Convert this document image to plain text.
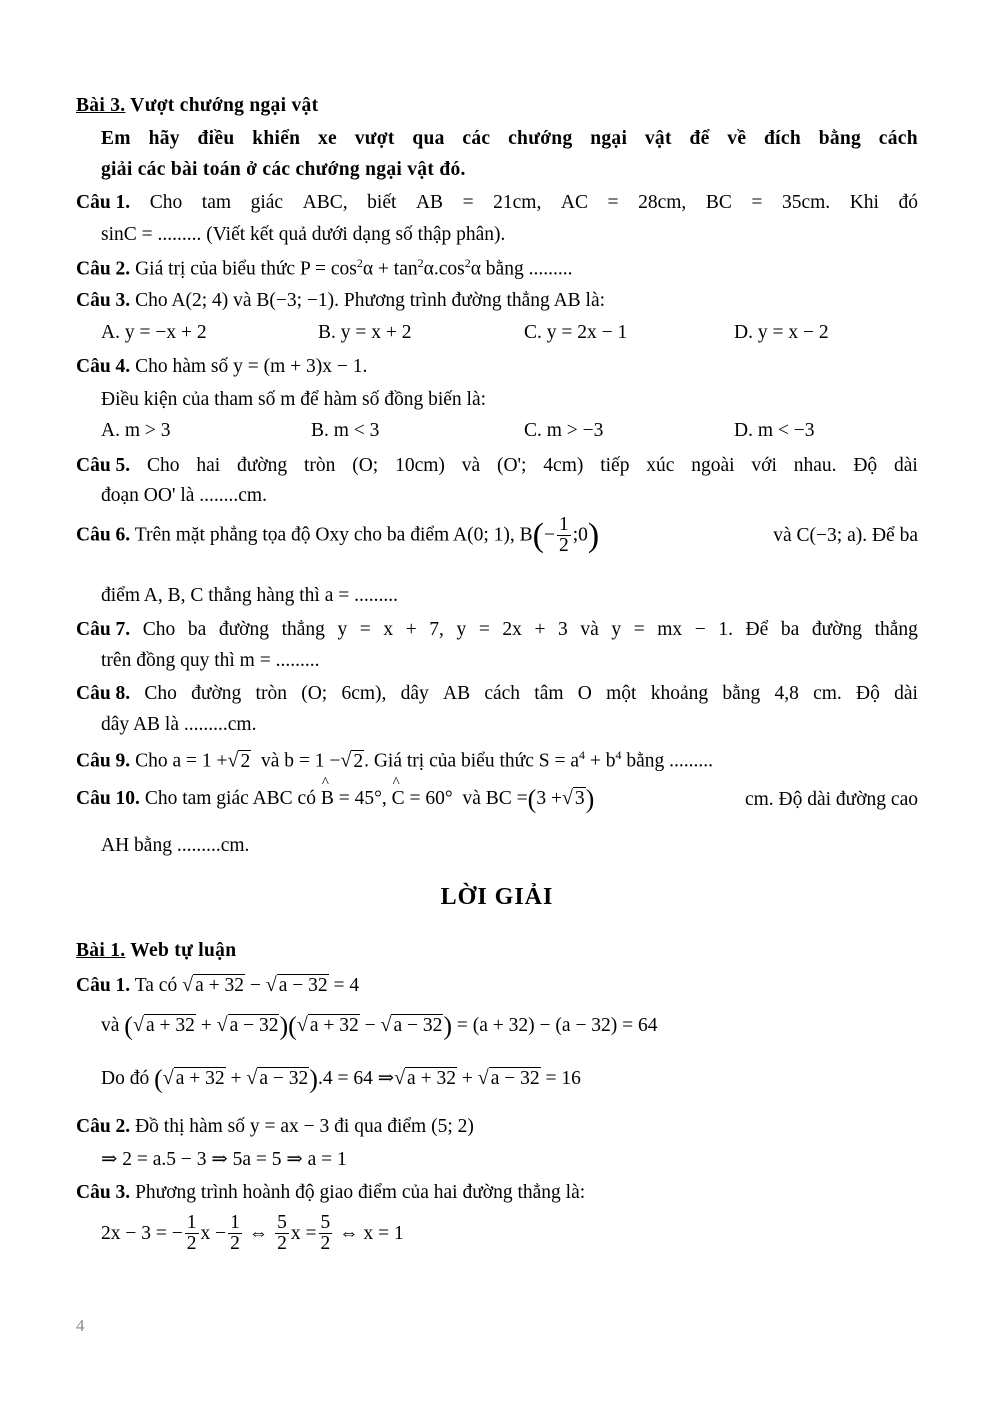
Bài 3. Vượt chướng ngại vật
Em hãy điều khiển xe vượt qua các chướng ngại vật để về đích bằng cách
giải các bài toán ở các chướng ngại vật đó.
Câu 1. Cho tam giác ABC, biết AB = 21cm, AC = 28cm, BC = 35cm. Khi đó
sinC = ......... (Viết kết quả dưới dạng số thập phân).
Câu 2. Giá trị của biểu thức $P = \cos^2\alpha + \tan^2\alpha.\cos^2\alpha$ bằng .........
Câu 3. Cho A(2; 4) và B(−3; −1). Phương trình đường thẳng AB là:
A. y = −x + 2	B. y = x + 2	C. y = 2x − 1	D. y = x − 2
Câu 4. Cho hàm số y = (m + 3)x − 1.
Điều kiện của tham số m để hàm số đồng biến là:
A. m > 3	B. m < 3	C. m > −3	D. m < −3
Câu 5. Cho hai đường tròn (O; 10cm) và (O'; 4cm) tiếp xúc ngoài với nhau. Độ dài
đoạn OO' là ........cm.
Câu 6. Trên mặt phẳng tọa độ Oxy cho ba điểm A(0; 1), $B(- \frac{1}{2}$ ;0)	và C(−3; a). Để ba
điểm A, B, C thẳng hàng thì a = .........
Câu 7. Cho ba đường thẳng y = x + 7, y = 2x + 3 và y = mx − 1. Để ba đường thẳng
trên đồng quy thì m = .........
Câu 8. Cho đường tròn (O; 6cm), dây AB cách tâm O một khoảng bằng 4,8 cm. Độ dài
dây AB là .........cm.
Câu 9. Cho a = 1 +√ 2 và b = 1 −√ 2. Giá trị của biểu thức $S = a^4 + b^4$ bằng .........
Câu 10. Cho tam giác ABC có ^ B = 45°, ^ C = 60° và BC =(3 +√ 3)	cm. Độ dài đường cao
AH bằng .........cm.
LỜI GIẢI
Bài 1. Web tự luận
Câu 1. Ta có √ a + 32 − √ a − 32 = 4
và (√ a + 32 + √ a − 32)(√ a + 32 − √ a − 32) = (a + 32) − (a − 32) = 64
Do đó (√ a + 32 + √ a − 32).4 = 64 ⇒√ a + 32 + √ a − 32 = 16
Câu 2. Đồ thị hàm số y = ax − 3 đi qua điểm (5; 2)
⇒ 2 = a.5 − 3 ⇒ 5a = 5 ⇒ a = 1
Câu 3. Phương trình hoành độ giao điểm của hai đường thẳng là:
2x − 3 = − $\frac{1}{2}$ $x - \frac{1}{2}$
⇔
$\frac{5}{2}$ $x = \frac{5}{2}$
⇔ x = 1
4
